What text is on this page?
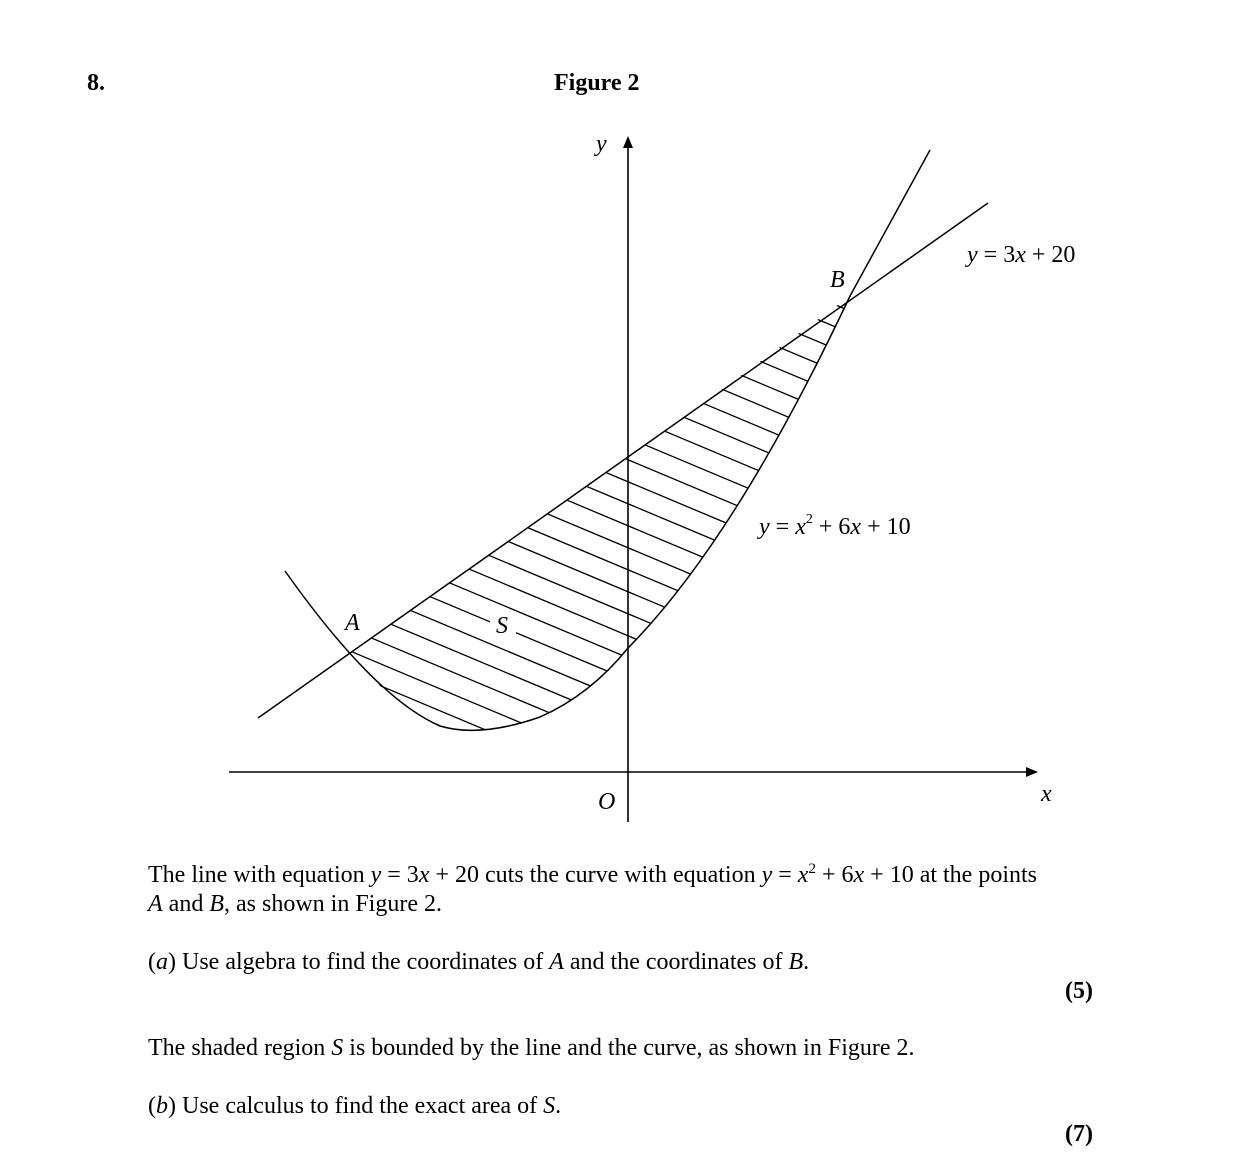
8.	Figure 2
y
x
O
A
B
S
y = 3x + 20
$y = x^2 + 6x + 10$
The line with equation y = 3x + 20 cuts the curve with equation $y = x^2 + 6x + 10$ at the points
A and B, as shown in Figure 2.
(a) Use algebra to find the coordinates of A and the coordinates of B.
(5)
The shaded region S is bounded by the line and the curve, as shown in Figure 2.
(b) Use calculus to find the exact area of S.
(7)
